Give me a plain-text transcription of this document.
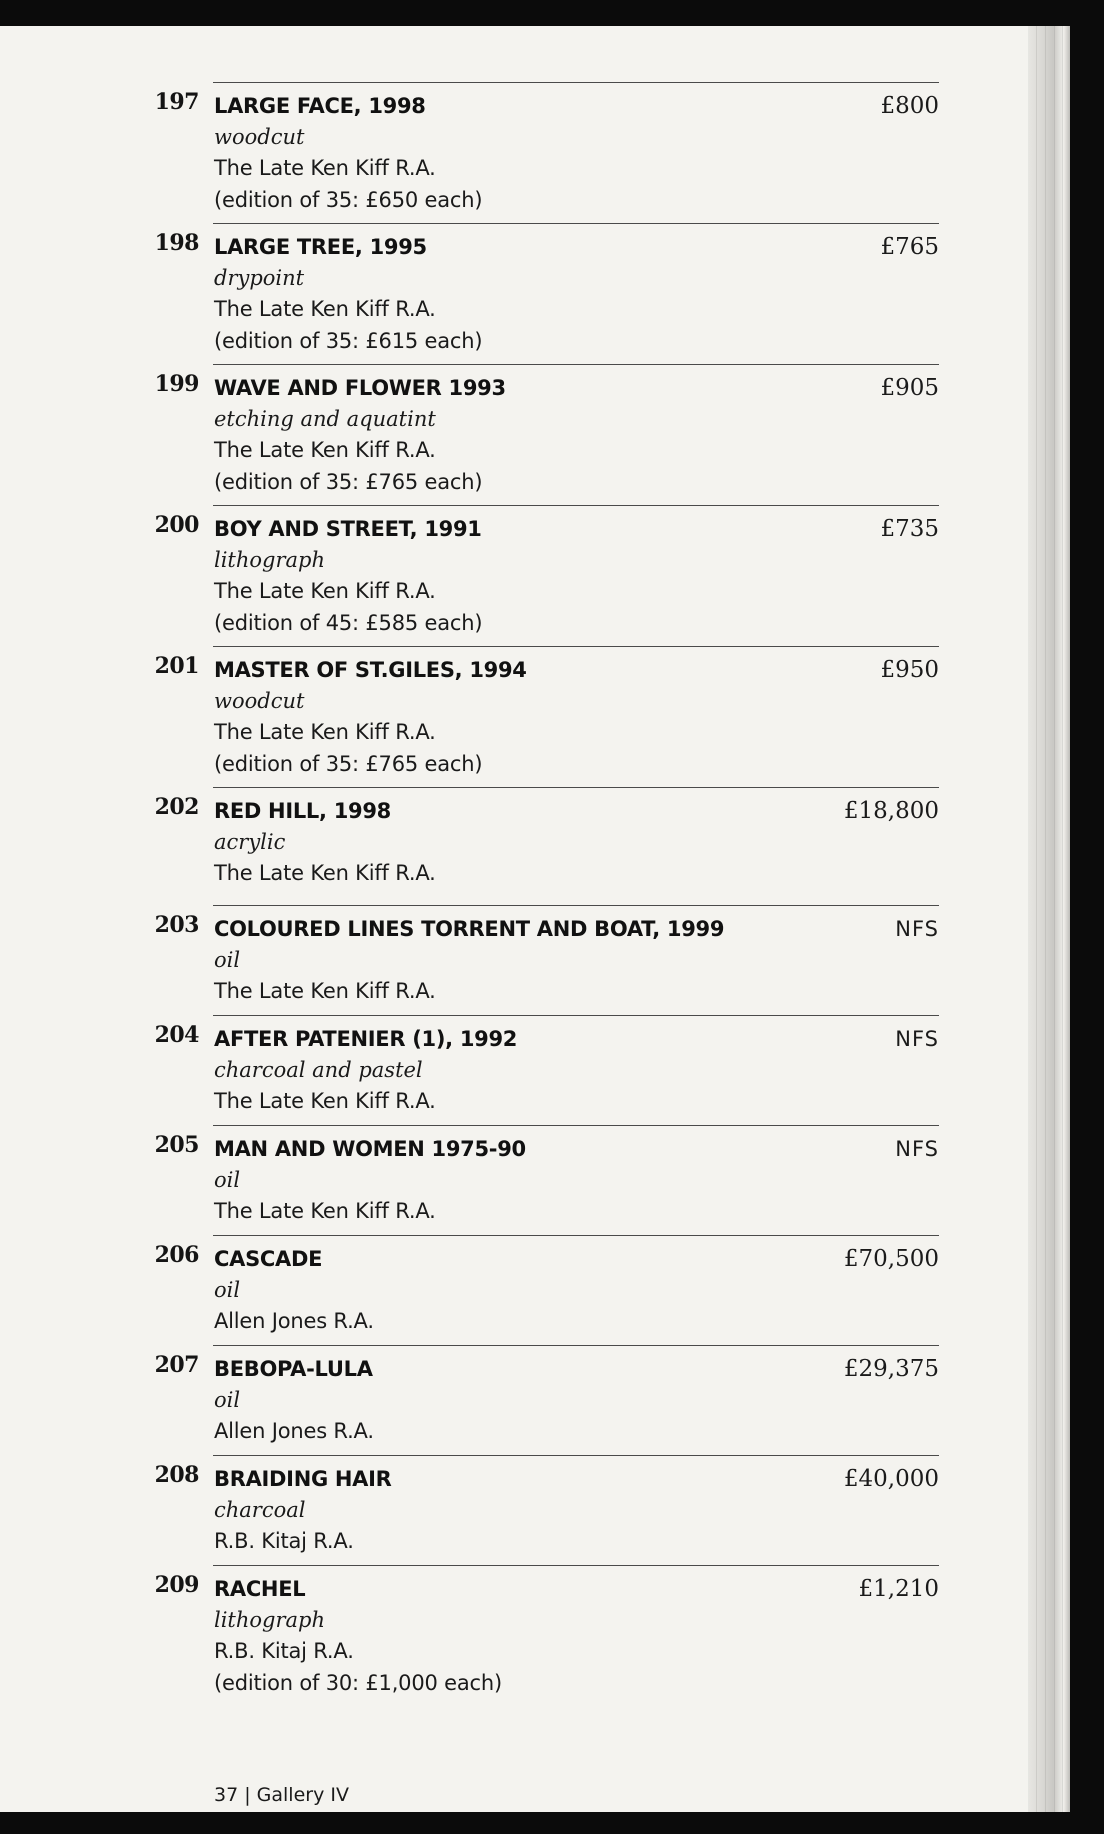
197 LARGE FACE, 1998
woodcut
The Late Ken Kiff R.A.
(edition of 35: £650 each)
£800
198 LARGE TREE, 1995
drypoint
The Late Ken Kiff R.A.
(edition of 35: £615 each)
£765
199 WAVE AND FLOWER 1993
etching and aquatint
The Late Ken Kiff R.A.
(edition of 35: £765 each)
£905
200 BOY AND STREET, 1991
lithograph
The Late Ken Kiff R.A.
(edition of 45: £585 each)
£735
201 MASTER OF ST.GILES, 1994
woodcut
The Late Ken Kiff R.A.
(edition of 35: £765 each)
£950
202 RED HILL, 1998
acrylic
The Late Ken Kiff R.A.
£18,800
203 COLOURED LINES TORRENT AND BOAT, 1999
oil
The Late Ken Kiff R.A.
NFS
204 AFTER PATENIER (1), 1992
charcoal and pastel
The Late Ken Kiff R.A.
NFS
205 MAN AND WOMEN 1975-90
oil
The Late Ken Kiff R.A.
NFS
206 CASCADE
oil
Allen Jones R.A.
£70,500
207 BEBOPA-LULA
oil
Allen Jones R.A.
£29,375
208 BRAIDING HAIR
charcoal
R.B. Kitaj R.A.
£40,000
209 RACHEL
lithograph
R.B. Kitaj R.A.
(edition of 30: £1,000 each)
£1,210
37 | Gallery IV
